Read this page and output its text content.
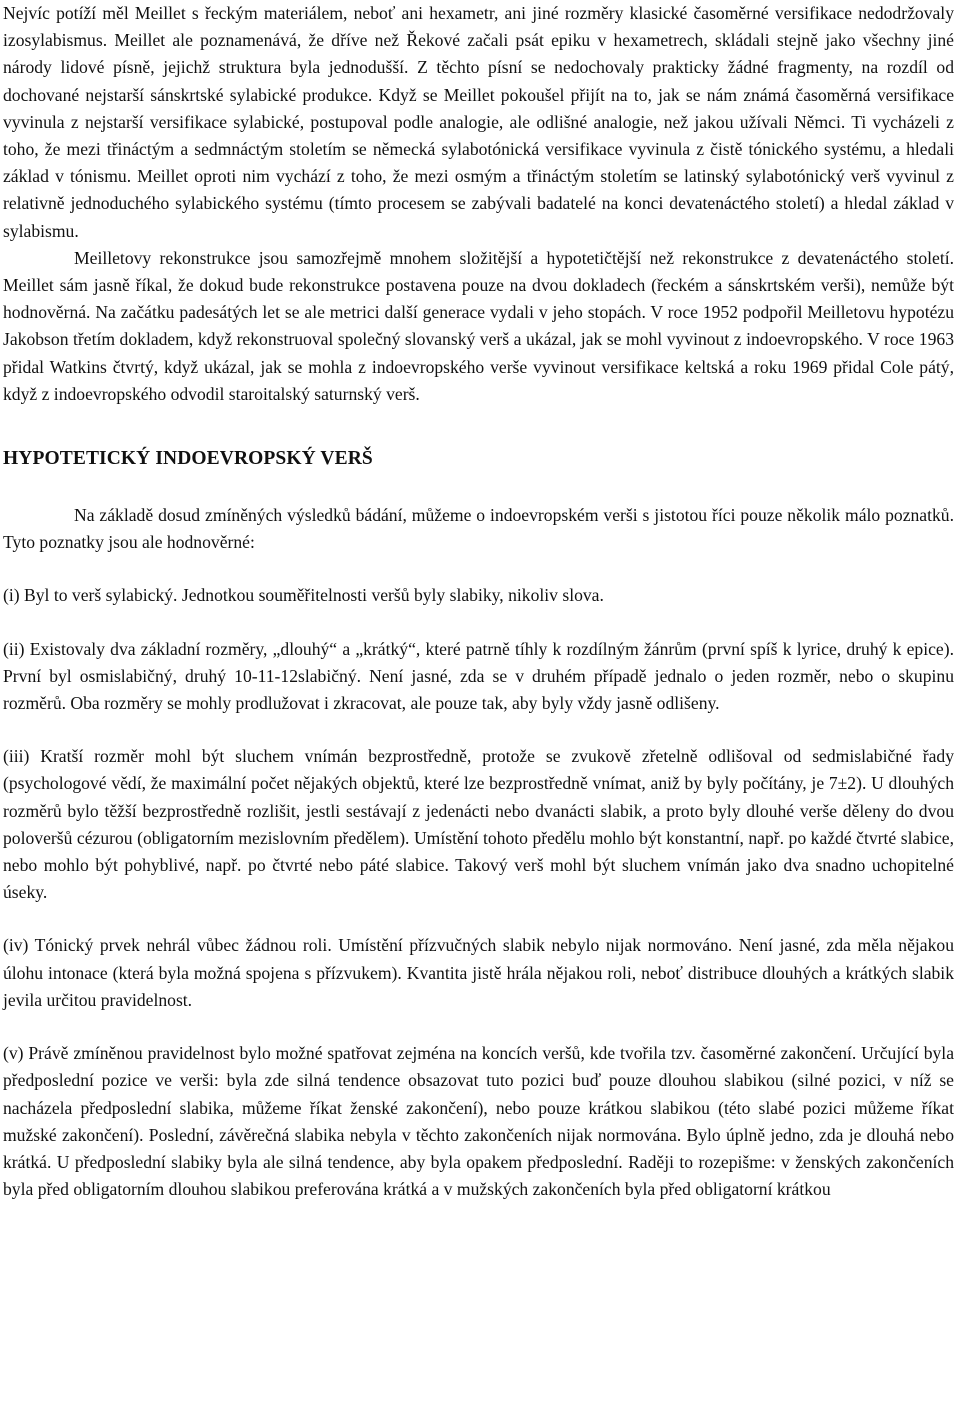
Nejvíc potíží měl Meillet s řeckým materiálem, neboť ani hexametr, ani jiné rozměry klasické časoměrné versifikace nedodržovaly izosylabismus. Meillet ale poznamenává, že dříve než Řekové začali psát epiku v hexametrech, skládali stejně jako všechny jiné národy lidové písně, jejichž struktura byla jednodušší. Z těchto písní se nedochovaly prakticky žádné fragmenty, na rozdíl od dochované nejstarší sánskrtské sylabické produkce. Když se Meillet pokoušel přijít na to, jak se nám známá časoměrná versifikace vyvinula z nejstarší versifikace sylabické, postupoval podle analogie, ale odlišné analogie, než jakou užívali Němci. Ti vycházeli z toho, že mezi třináctým a sedmnáctým stoletím se německá sylabotónická versifikace vyvinula z čistě tónického systému, a hledali základ v tónismu. Meillet oproti nim vychází z toho, že mezi osmým a třináctým stoletím se latinský sylabotónický verš vyvinul z relativně jednoduchého sylabického systému (tímto procesem se zabývali badatelé na konci devatenáctého století) a hledal základ v sylabismu.

Meilletovy rekonstrukce jsou samozřejmě mnohem složitější a hypotetičtější než rekonstrukce z devatenáctého století. Meillet sám jasně říkal, že dokud bude rekonstrukce postavena pouze na dvou dokladech (řeckém a sánskrtském verši), nemůže být hodnověrná. Na začátku padesátých let se ale metrici další generace vydali v jeho stopách. V roce 1952 podpořil Meilletovu hypotézu Jakobson třetím dokladem, když rekonstruoval společný slovanský verš a ukázal, jak se mohl vyvinout z indoevropského. V roce 1963 přidal Watkins čtvrtý, když ukázal, jak se mohla z indoevropského verše vyvinout versifikace keltská a roku 1969 přidal Cole pátý, když z indoevropského odvodil staroitalský saturnský verš.

HYPOTETICKÝ INDOEVROPSKÝ VERŠ

Na základě dosud zmíněných výsledků bádání, můžeme o indoevropském verši s jistotou říci pouze několik málo poznatků. Tyto poznatky jsou ale hodnověrné:

(i) Byl to verš sylabický. Jednotkou souměřitelnosti veršů byly slabiky, nikoliv slova.

(ii) Existovaly dva základní rozměry, „dlouhý“ a „krátký“, které patrně tíhly k rozdílným žánrům (první spíš k lyrice, druhý k epice). První byl osmislabičný, druhý 10-11-12slabičný. Není jasné, zda se v druhém případě jednalo o jeden rozměr, nebo o skupinu rozměrů. Oba rozměry se mohly prodlužovat i zkracovat, ale pouze tak, aby byly vždy jasně odlišeny.

(iii) Kratší rozměr mohl být sluchem vnímán bezprostředně, protože se zvukově zřetelně odlišoval od sedmislabičné řady (psychologové vědí, že maximální počet nějakých objektů, které lze bezprostředně vnímat, aniž by byly počítány, je 7±2). U dlouhých rozměrů bylo těžší bezprostředně rozlišit, jestli sestávají z jedenácti nebo dvanácti slabik, a proto byly dlouhé verše děleny do dvou poloveršů cézurou (obligatorním mezislovním předělem). Umístění tohoto předělu mohlo být konstantní, např. po každé čtvrté slabice, nebo mohlo být pohyblivé, např. po čtvrté nebo páté slabice. Takový verš mohl být sluchem vnímán jako dva snadno uchopitelné úseky.

(iv) Tónický prvek nehrál vůbec žádnou roli. Umístění přízvučných slabik nebylo nijak normováno. Není jasné, zda měla nějakou úlohu intonace (která byla možná spojena s přízvukem). Kvantita jistě hrála nějakou roli, neboť distribuce dlouhých a krátkých slabik jevila určitou pravidelnost.

(v) Právě zmíněnou pravidelnost bylo možné spatřovat zejména na koncích veršů, kde tvořila tzv. časoměrné zakončení. Určující byla předposlední pozice ve verši: byla zde silná tendence obsazovat tuto pozici buď pouze dlouhou slabikou (silné pozici, v níž se nacházela předposlední slabika, můžeme říkat ženské zakončení), nebo pouze krátkou slabikou (této slabé pozici můžeme říkat mužské zakončení). Poslední, závěrečná slabika nebyla v těchto zakončeních nijak normována. Bylo úplně jedno, zda je dlouhá nebo krátká. U předposlední slabiky byla ale silná tendence, aby byla opakem předposlední. Raději to rozepišme: v ženských zakončeních byla před obligatorním dlouhou slabikou preferována krátká a v mužských zakončeních byla před obligatorní krátkou
